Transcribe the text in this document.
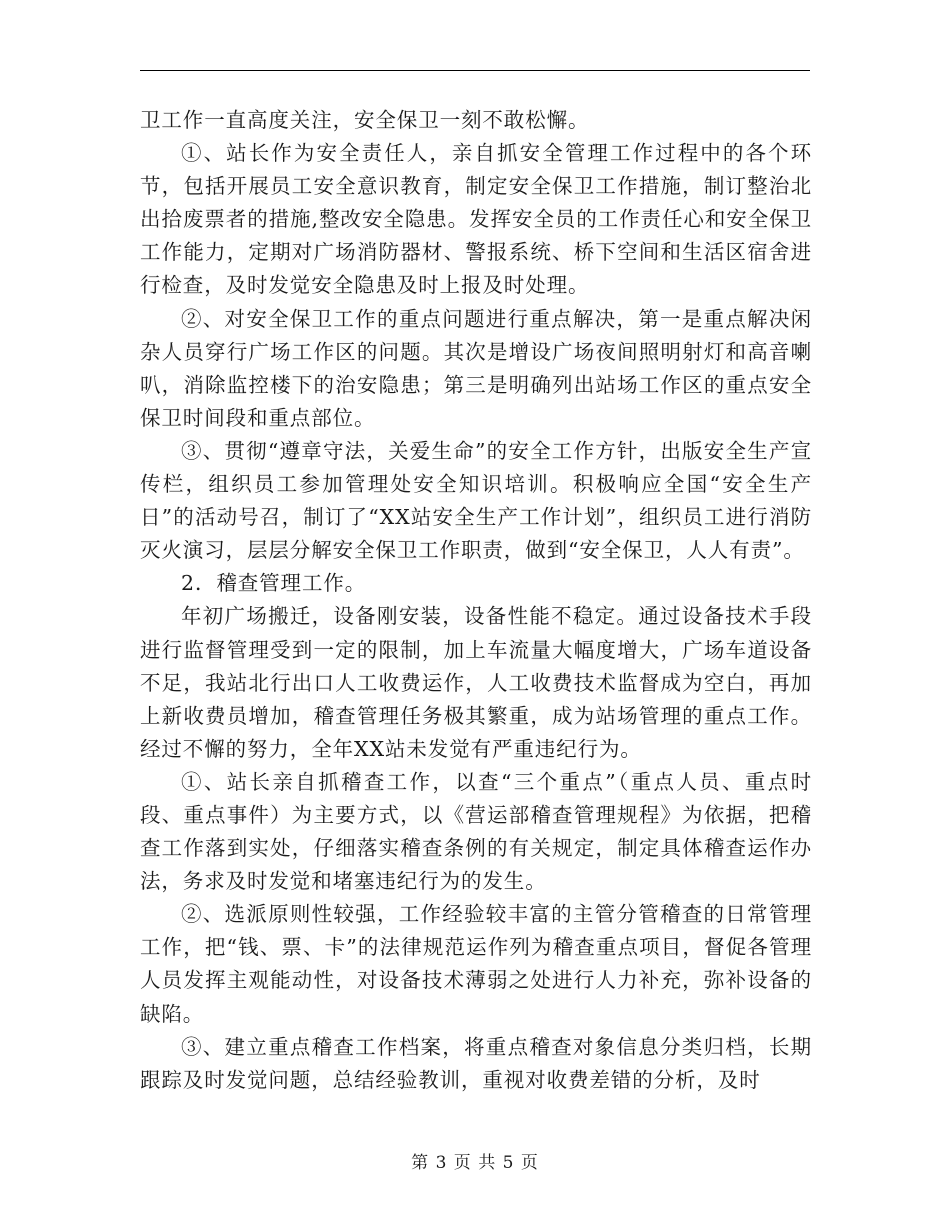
卫工作一直高度关注，安全保卫一刻不敢松懈。

①、站长作为安全责任人，亲自抓安全管理工作过程中的各个环节，包括开展员工安全意识教育，制定安全保卫工作措施，制订整治北出拾废票者的措施,整改安全隐患。发挥安全员的工作责任心和安全保卫工作能力，定期对广场消防器材、警报系统、桥下空间和生活区宿舍进行检查，及时发觉安全隐患及时上报及时处理。

②、对安全保卫工作的重点问题进行重点解决，第一是重点解决闲杂人员穿行广场工作区的问题。其次是增设广场夜间照明射灯和高音喇叭，消除监控楼下的治安隐患；第三是明确列出站场工作区的重点安全保卫时间段和重点部位。

③、贯彻“遵章守法，关爱生命”的安全工作方针，出版安全生产宣传栏，组织员工参加管理处安全知识培训。积极响应全国“安全生产日”的活动号召，制订了“XX站安全生产工作计划”，组织员工进行消防灭火演习，层层分解安全保卫工作职责，做到“安全保卫，人人有责”。

2．稽查管理工作。

年初广场搬迁，设备刚安装，设备性能不稳定。通过设备技术手段进行监督管理受到一定的限制，加上车流量大幅度增大，广场车道设备不足，我站北行出口人工收费运作，人工收费技术监督成为空白，再加上新收费员增加，稽查管理任务极其繁重，成为站场管理的重点工作。经过不懈的努力，全年XX站未发觉有严重违纪行为。

①、站长亲自抓稽查工作，以查“三个重点”（重点人员、重点时段、重点事件）为主要方式，以《营运部稽查管理规程》为依据，把稽查工作落到实处，仔细落实稽查条例的有关规定，制定具体稽查运作办法，务求及时发觉和堵塞违纪行为的发生。

②、选派原则性较强，工作经验较丰富的主管分管稽查的日常管理工作，把“钱、票、卡”的法律规范运作列为稽查重点项目，督促各管理人员发挥主观能动性，对设备技术薄弱之处进行人力补充，弥补设备的缺陷。

③、建立重点稽查工作档案，将重点稽查对象信息分类归档，长期跟踪及时发觉问题，总结经验教训，重视对收费差错的分析，及时

第 3 页 共 5 页
